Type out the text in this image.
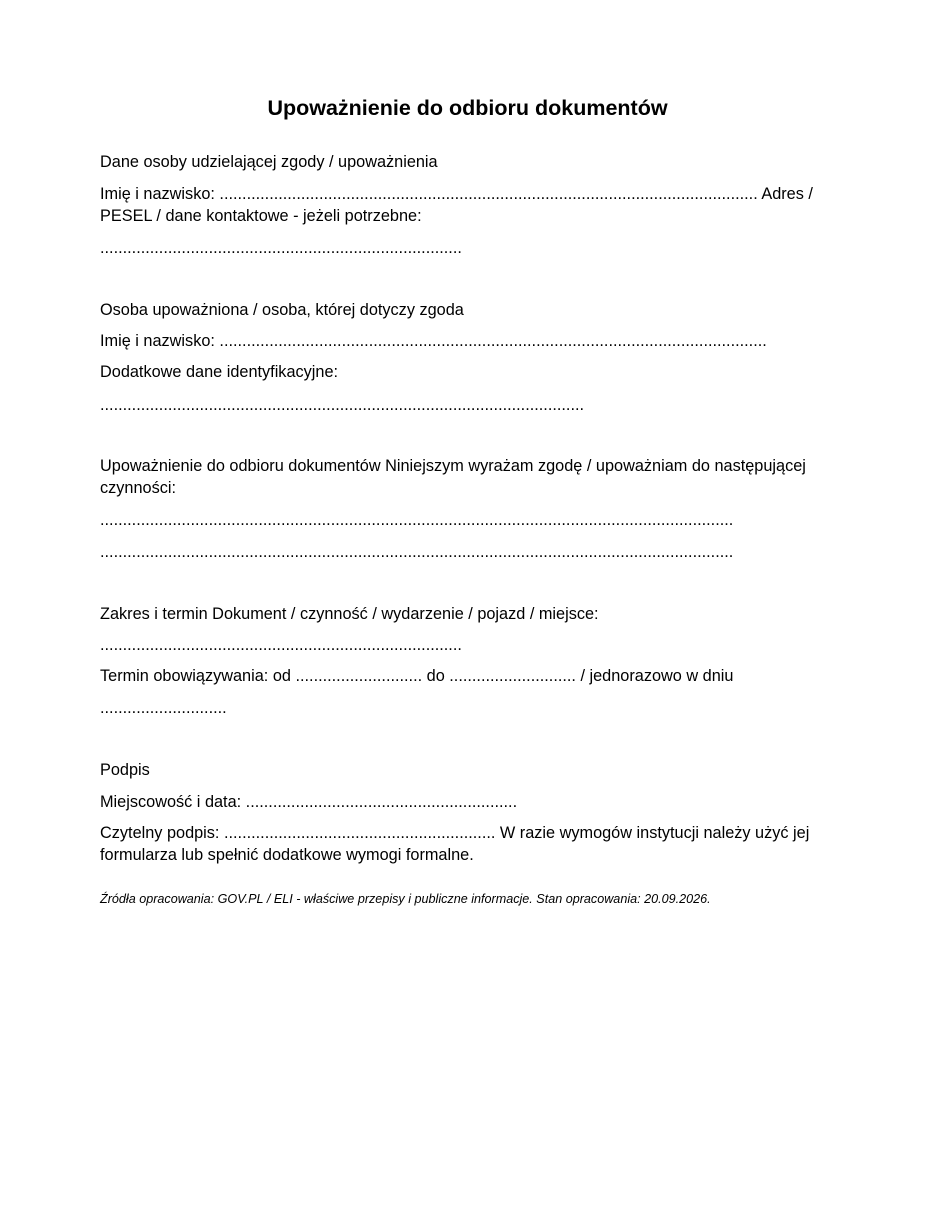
Upoważnienie do odbioru dokumentów

Dane osoby udzielającej zgody / upoważnienia

Imię i nazwisko: ....................................................................................................................... Adres / PESEL / dane kontaktowe - jeżeli potrzebne:

................................................................................

Osoba upoważniona / osoba, której dotyczy zgoda

Imię i nazwisko: .........................................................................................................................

Dodatkowe dane identyfikacyjne:

...........................................................................................................

Upoważnienie do odbioru dokumentów Niniejszym wyrażam zgodę / upoważniam do następującej czynności:

............................................................................................................................................

............................................................................................................................................

Zakres i termin Dokument / czynność / wydarzenie / pojazd / miejsce:

................................................................................

Termin obowiązywania: od ............................ do ............................ / jednorazowo w dniu

............................

Podpis

Miejscowość i data: ............................................................

Czytelny podpis: ............................................................ W razie wymogów instytucji należy użyć jej formularza lub spełnić dodatkowe wymogi formalne.

Źródła opracowania: GOV.PL / ELI - właściwe przepisy i publiczne informacje. Stan opracowania: 20.09.2026.
